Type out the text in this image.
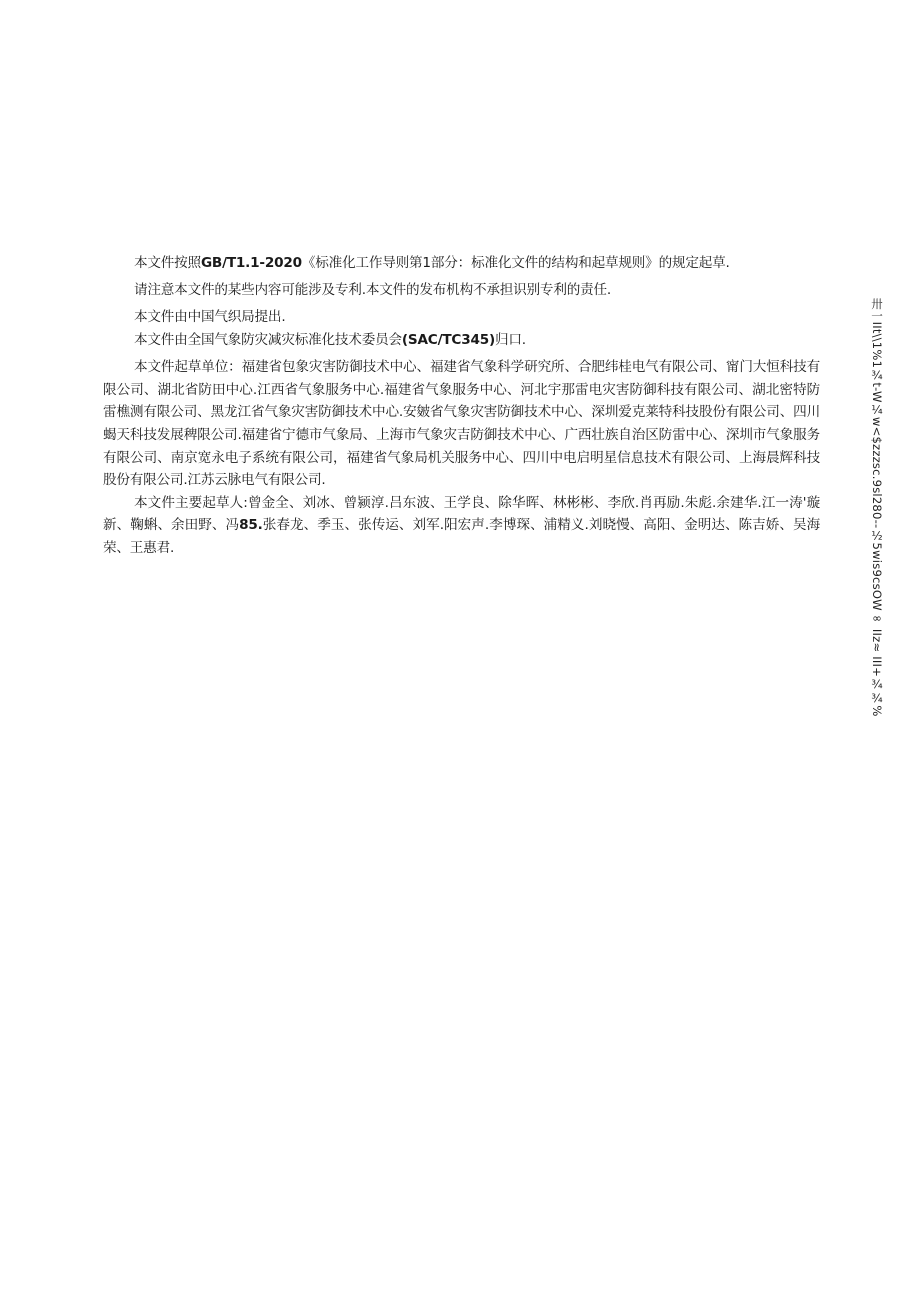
本文件按照GB/T1.1-2020《标准化工作导则第1部分：标准化文件的结构和起草规则》的规定起草.

请注意本文件的某些内容可能涉及专利.本文件的发布机构不承担识别专利的责任.

本文件由中国气织局提出.

本文件由全国气象防灾减灾标准化技术委员会(SAC/TC345)归口.

本文件起草单位：福建省包象灾害防御技术中心、福建省气象科学研究所、合肥纬桂电气有限公司、甯门大恒科技有限公司、湖北省防田中心.江西省气象服务中心.福建省气象服务中心、河北宇那雷电灾害防御科技有限公司、湖北密特防雷樵测有限公司、黑龙江省气象灾害防御技术中心.安皴省气象灾害防御技术中心、深圳爱克莱特科技股份有限公司、四川蝎天科技发展稗限公司.福建省宁德市气象局、上海市气象灾吉防御技术中心、广西壮族自治区防雷中心、深圳市气象服务有限公司、南京宽永电子系统有限公司，福建省气象局机关服务中心、四川中电启明星信息技术有限公司、上海晨辉科技股份有限公司.江苏云脉电气有限公司.

本文件主要起草人:曾金全、刘冰、曾颍淳.吕东波、王学良、除华晖、林彬彬、李欣.肖再励.朱彪.余建华.江一涛'璇新、鞠蝌、余田野、冯85.张春龙、季玉、张传运、刘军.阳宏声.李博琛、浦精义.刘晓慢、高阳、金明达、陈吉娇、吴海荣、王惠君.	卅一IIt\\1%1¾t-W¼w<$zzzsc.9sl280--½5wis9csOW∞ IIz≈ III+¾¾%
